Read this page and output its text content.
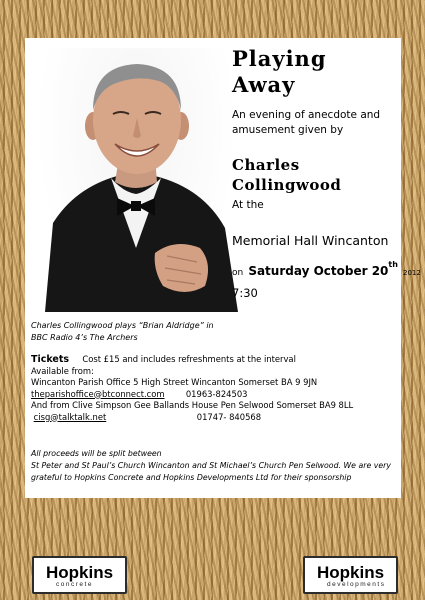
Playing
Away
An evening of anecdote and amusement given by
Charles
Collingwood
At the
Memorial Hall Wincanton
on Saturday October 20th 2012
7:30
Charles Collingwood plays “Brian Aldridge” in BBC Radio 4’s The Archers
Tickets Cost £15 and includes refreshments at the interval
Available from:
Wincanton Parish Office 5 High Street Wincanton Somerset BA 9 9JN
theparishoffice@btconnect.com	01963-824503
And from Clive Simpson Gee Ballands House Pen Selwood Somerset BA9 8LL
cisg@talktalk.net	01747- 840568
All proceeds will be split between
St Peter and St Paul’s Church Wincanton and St Michael’s Church Pen Selwood. We are very grateful to Hopkins Concrete and Hopkins Developments Ltd for their sponsorship
Hopkins
concrete
Hopkins
developments
